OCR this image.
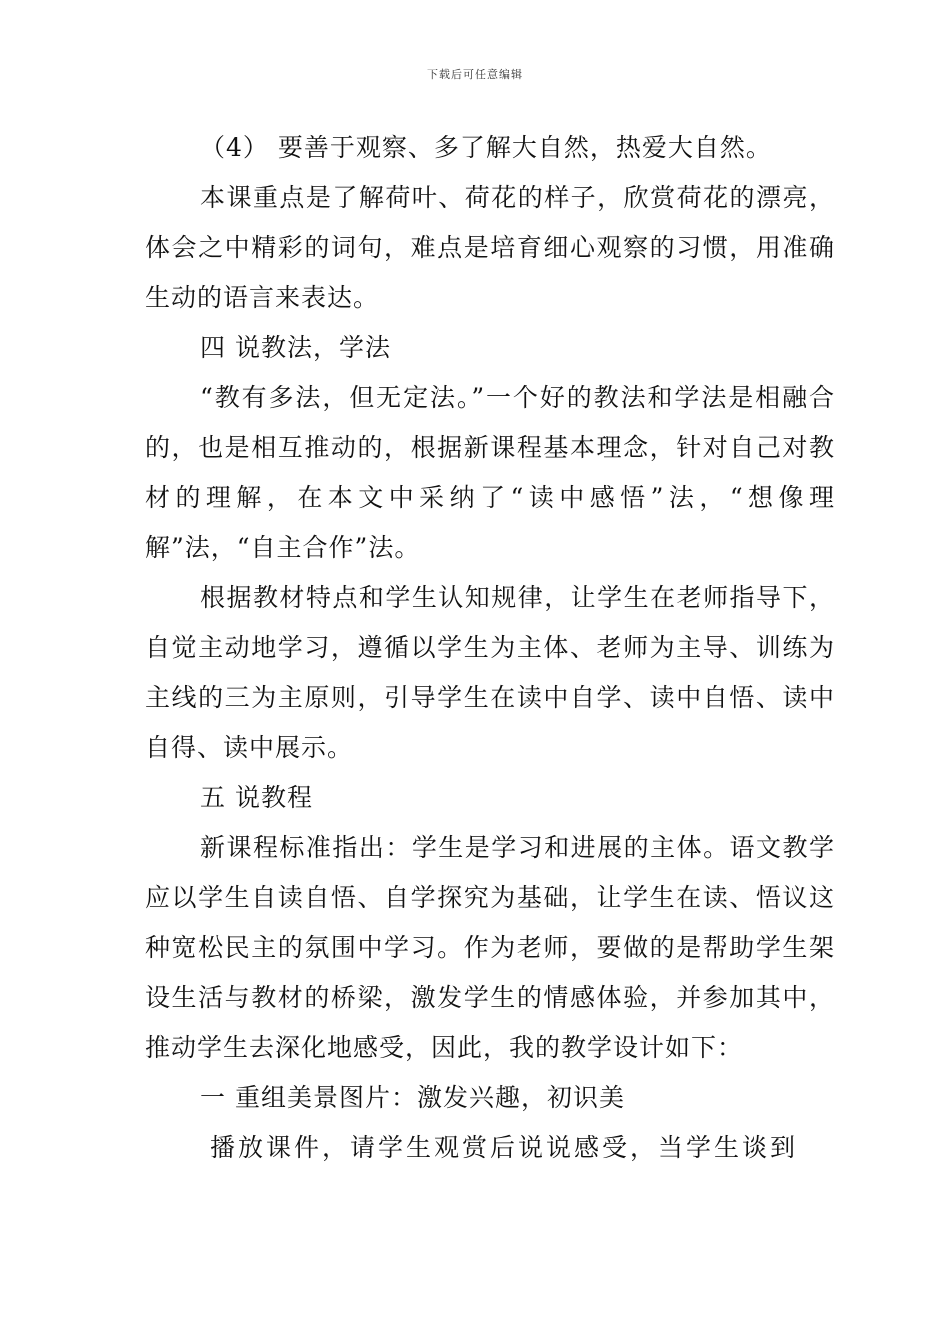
下载后可任意编辑

（4） 要善于观察、多了解大自然，热爱大自然。

本课重点是了解荷叶、荷花的样子，欣赏荷花的漂亮，体会之中精彩的词句，难点是培育细心观察的习惯，用准确生动的语言来表达。

四 说教法，学法

“教有多法，但无定法。”一个好的教法和学法是相融合的，也是相互推动的，根据新课程基本理念，针对自己对教材的理解，在本文中采纳了“读中感悟”法，“想像理解”法，“自主合作”法。

根据教材特点和学生认知规律，让学生在老师指导下，自觉主动地学习，遵循以学生为主体、老师为主导、训练为主线的三为主原则，引导学生在读中自学、读中自悟、读中自得、读中展示。

五 说教程

新课程标准指出：学生是学习和进展的主体。语文教学应以学生自读自悟、自学探究为基础，让学生在读、悟议这种宽松民主的氛围中学习。作为老师，要做的是帮助学生架设生活与教材的桥梁，激发学生的情感体验，并参加其中，推动学生去深化地感受，因此，我的教学设计如下：

一 重组美景图片：激发兴趣，初识美

播放课件，请学生观赏后说说感受，当学生谈到
